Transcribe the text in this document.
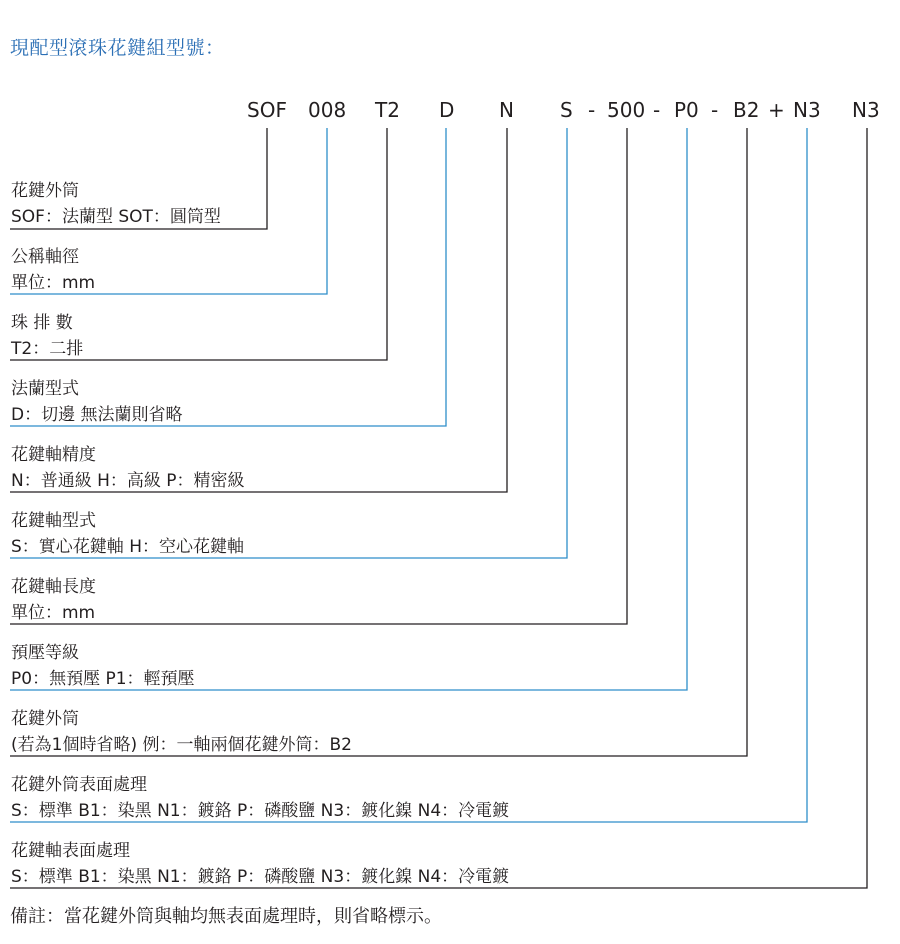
現配型滾珠花鍵組型號：
SOF 008 T2 D N S - 500 - P0 - B2 + N3 N3
花鍵外筒
SOF：法蘭型 SOT：圓筒型
公稱軸徑
單位：mm
珠 排 數
T2：二排
法蘭型式
D：切邊 無法蘭則省略
花鍵軸精度
N：普通級 H：高級 P：精密級
花鍵軸型式
S：實心花鍵軸 H：空心花鍵軸
花鍵軸長度
單位：mm
預壓等級
P0：無預壓 P1：輕預壓
花鍵外筒
(若為1個時省略) 例：一軸兩個花鍵外筒：B2
花鍵外筒表面處理
S：標準 B1：染黑 N1：鍍鉻 P：磷酸鹽 N3：鍍化鎳 N4：冷電鍍
花鍵軸表面處理
S：標準 B1：染黑 N1：鍍鉻 P：磷酸鹽 N3：鍍化鎳 N4：冷電鍍
備註：當花鍵外筒與軸均無表面處理時，則省略標示。
